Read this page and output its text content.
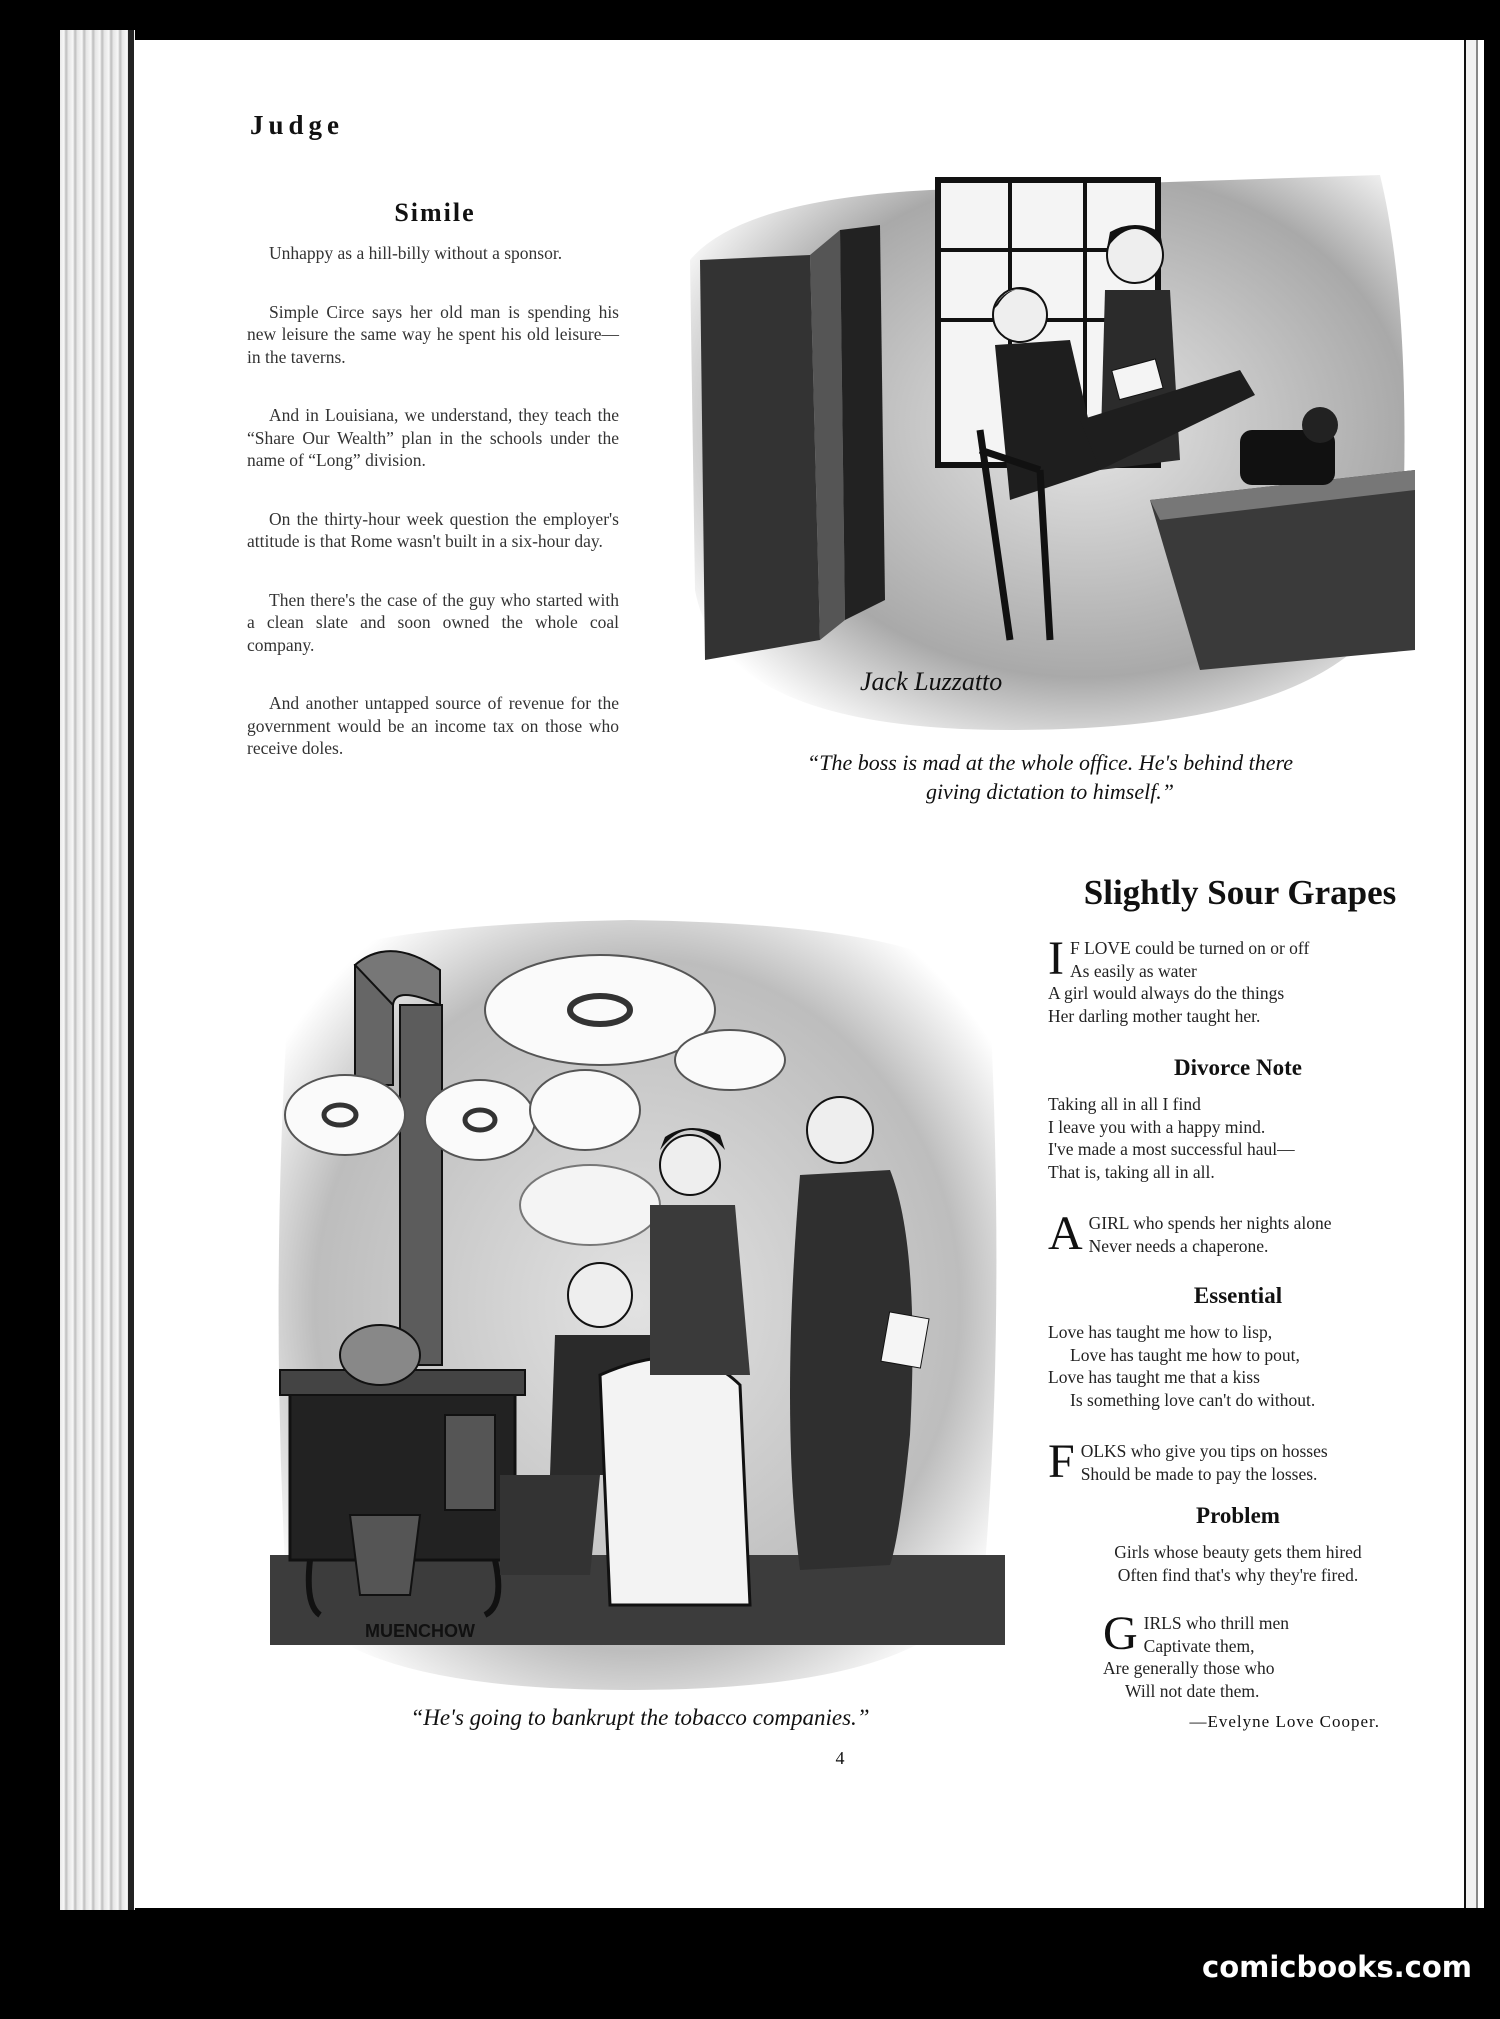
Judge
Simile

Unhappy as a hill-billy without a sponsor.

Simple Circe says her old man is spending his new leisure the same way he spent his old leisure—in the taverns.

And in Louisiana, we understand, they teach the “Share Our Wealth” plan in the schools under the name of “Long” division.

On the thirty-hour week question the employer's attitude is that Rome wasn't built in a six-hour day.

Then there's the case of the guy who started with a clean slate and soon owned the whole coal company.

And another untapped source of revenue for the government would be an income tax on those who receive doles.

Jack Luzzatto
“The boss is mad at the whole office. He's behind there
giving dictation to himself.”
MUENCHOW
“He's going to bankrupt the tobacco companies.”
4
Slightly Sour Grapes
I F LOVE could be turned on or off
As easily as water
A girl would always do the things
Her darling mother taught her.
Divorce Note
Taking all in all I find
I leave you with a happy mind.
I've made a most successful haul—
That is, taking all in all.
A GIRL who spends her nights alone
Never needs a chaperone.
Essential
Love has taught me how to lisp,
Love has taught me how to pout,
Love has taught me that a kiss
Is something love can't do without.
F OLKS who give you tips on hosses
Should be made to pay the losses.
Problem
Girls whose beauty gets them hired
Often find that's why they're fired.
G IRLS who thrill men
Captivate them,
Are generally those who
Will not date them.
—Evelyne Love Cooper.
comicbooks.com
